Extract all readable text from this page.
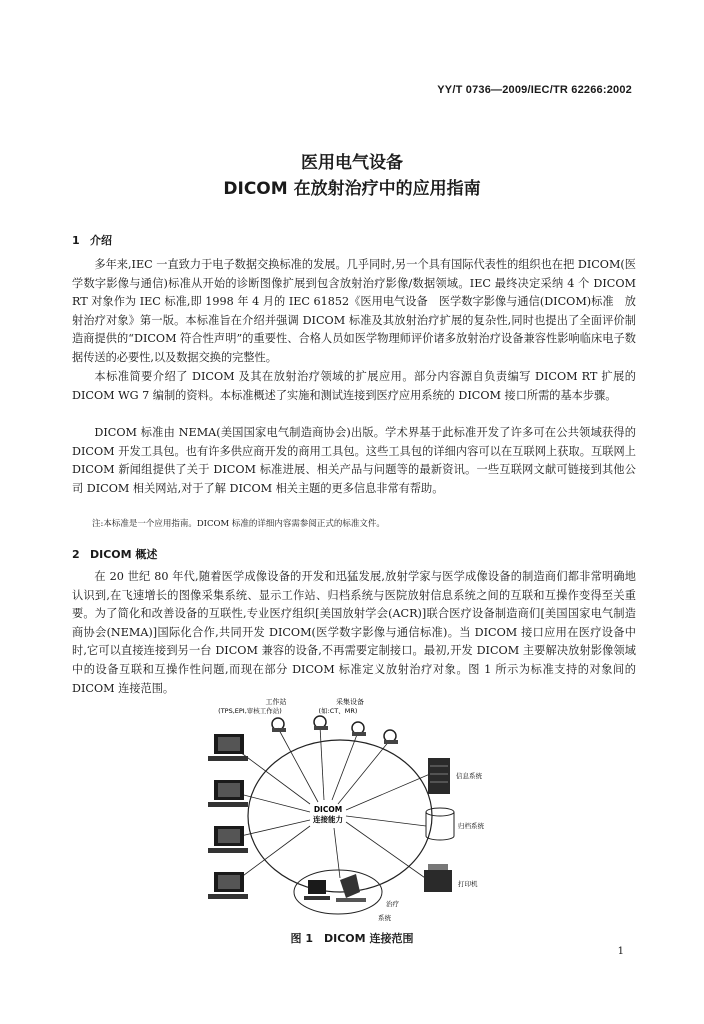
YY/T 0736—2009/IEC/TR 62266:2002
医用电气设备
DICOM 在放射治疗中的应用指南
1 介绍

多年来,IEC 一直致力于电子数据交换标准的发展。几乎同时,另一个具有国际代表性的组织也在把 DICOM(医学数字影像与通信)标准从开始的诊断图像扩展到包含放射治疗影像/数据领域。IEC 最终决定采纳 4 个 DICOM RT 对象作为 IEC 标准,即 1998 年 4 月的 IEC 61852《医用电气设备　医学数字影像与通信(DICOM)标准　放射治疗对象》第一版。本标准旨在介绍并强调 DICOM 标准及其放射治疗扩展的复杂性,同时也提出了全面评价制造商提供的“DICOM 符合性声明”的重要性、合格人员如医学物理师评价诸多放射治疗设备兼容性影响临床电子数据传送的必要性,以及数据交换的完整性。

本标准简要介绍了 DICOM 及其在放射治疗领域的扩展应用。部分内容源自负责编写 DICOM RT 扩展的 DICOM WG 7 编制的资料。本标准概述了实施和测试连接到医疗应用系统的 DICOM 接口所需的基本步骤。

DICOM 标准由 NEMA(美国国家电气制造商协会)出版。学术界基于此标准开发了许多可在公共领域获得的 DICOM 开发工具包。也有许多供应商开发的商用工具包。这些工具包的详细内容可以在互联网上获取。互联网上 DICOM 新闻组提供了关于 DICOM 标准进展、相关产品与问题等的最新资讯。一些互联网文献可链接到其他公司 DICOM 相关网站,对于了解 DICOM 相关主题的更多信息非常有帮助。

注:本标准是一个应用指南。DICOM 标准的详细内容需参阅正式的标准文件。
2 DICOM 概述

在 20 世纪 80 年代,随着医学成像设备的开发和迅猛发展,放射学家与医学成像设备的制造商们都非常明确地认识到,在飞速增长的图像采集系统、显示工作站、归档系统与医院放射信息系统之间的互联和互操作变得至关重要。为了简化和改善设备的互联性,专业医疗组织[美国放射学会(ACR)]联合医疗设备制造商们[美国国家电气制造商协会(NEMA)]国际化合作,共同开发 DICOM(医学数字影像与通信标准)。当 DICOM 接口应用在医疗设备中时,它可以直接连接到另一台 DICOM 兼容的设备,不再需要定制接口。最初,开发 DICOM 主要解决放射影像领域中的设备互联和互操作性问题,而现在部分 DICOM 标准定义放射治疗对象。图 1 所示为标准支持的对象间的 DICOM 连接范围。

工作站
(TPS,EPI,审核工作站)
采集设备
(如:CT、MR)
DICOM
连接能力
信息系统
归档系统
打印机
治疗
系统
图 1　DICOM 连接范围
1
